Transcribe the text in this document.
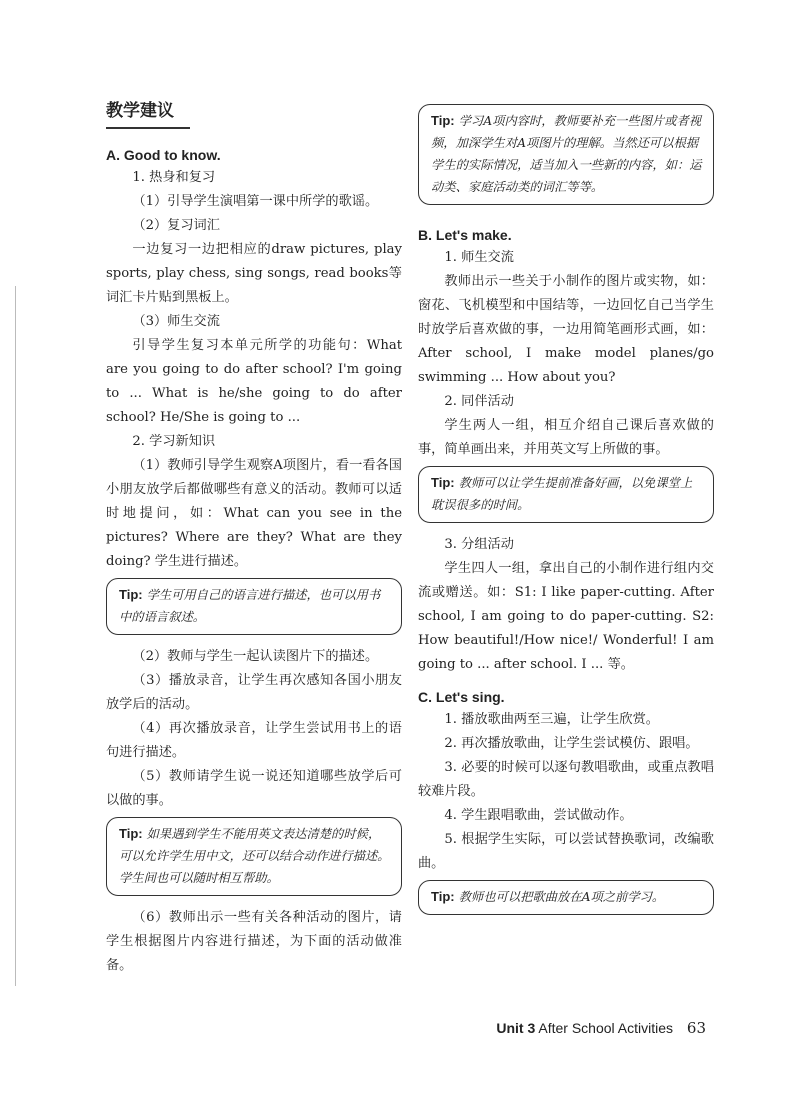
教学建议
A. Good to know.

1. 热身和复习

（1）引导学生演唱第一课中所学的歌谣。

（2）复习词汇

一边复习一边把相应的draw pictures, play sports, play chess, sing songs, read books等词汇卡片贴到黑板上。

（3）师生交流

引导学生复习本单元所学的功能句：What are you going to do after school? I'm going to ... What is he/she going to do after school? He/She is going to ...

2. 学习新知识

（1）教师引导学生观察A项图片，看一看各国小朋友放学后都做哪些有意义的活动。教师可以适时地提问，如：What can you see in the pictures? Where are they? What are they doing? 学生进行描述。

Tip: 学生可用自己的语言进行描述，也可以用书中的语言叙述。

（2）教师与学生一起认读图片下的描述。

（3）播放录音，让学生再次感知各国小朋友放学后的活动。

（4）再次播放录音，让学生尝试用书上的语句进行描述。

（5）教师请学生说一说还知道哪些放学后可以做的事。

Tip: 如果遇到学生不能用英文表达清楚的时候，可以允许学生用中文，还可以结合动作进行描述。学生间也可以随时相互帮助。

（6）教师出示一些有关各种活动的图片，请学生根据图片内容进行描述，为下面的活动做准备。

Tip: 学习A项内容时，教师要补充一些图片或者视频，加深学生对A项图片的理解。当然还可以根据学生的实际情况，适当加入一些新的内容，如：运动类、家庭活动类的词汇等等。
B. Let's make.

1. 师生交流

教师出示一些关于小制作的图片或实物，如：窗花、飞机模型和中国结等，一边回忆自己当学生时放学后喜欢做的事，一边用简笔画形式画，如：After school, I make model planes/go swimming ... How about you?

2. 同伴活动

学生两人一组，相互介绍自己课后喜欢做的事，简单画出来，并用英文写上所做的事。

Tip: 教师可以让学生提前准备好画，以免课堂上耽误很多的时间。

3. 分组活动

学生四人一组，拿出自己的小制作进行组内交流或赠送。如：S1: I like paper-cutting. After school, I am going to do paper-cutting. S2: How beautiful!/How nice!/ Wonderful! I am going to ... after school. I ... 等。

C. Let's sing.

1. 播放歌曲两至三遍，让学生欣赏。

2. 再次播放歌曲，让学生尝试模仿、跟唱。

3. 必要的时候可以逐句教唱歌曲，或重点教唱较难片段。

4. 学生跟唱歌曲，尝试做动作。

5. 根据学生实际，可以尝试替换歌词，改编歌曲。

Tip: 教师也可以把歌曲放在A项之前学习。
Unit 3 After School Activities 63
